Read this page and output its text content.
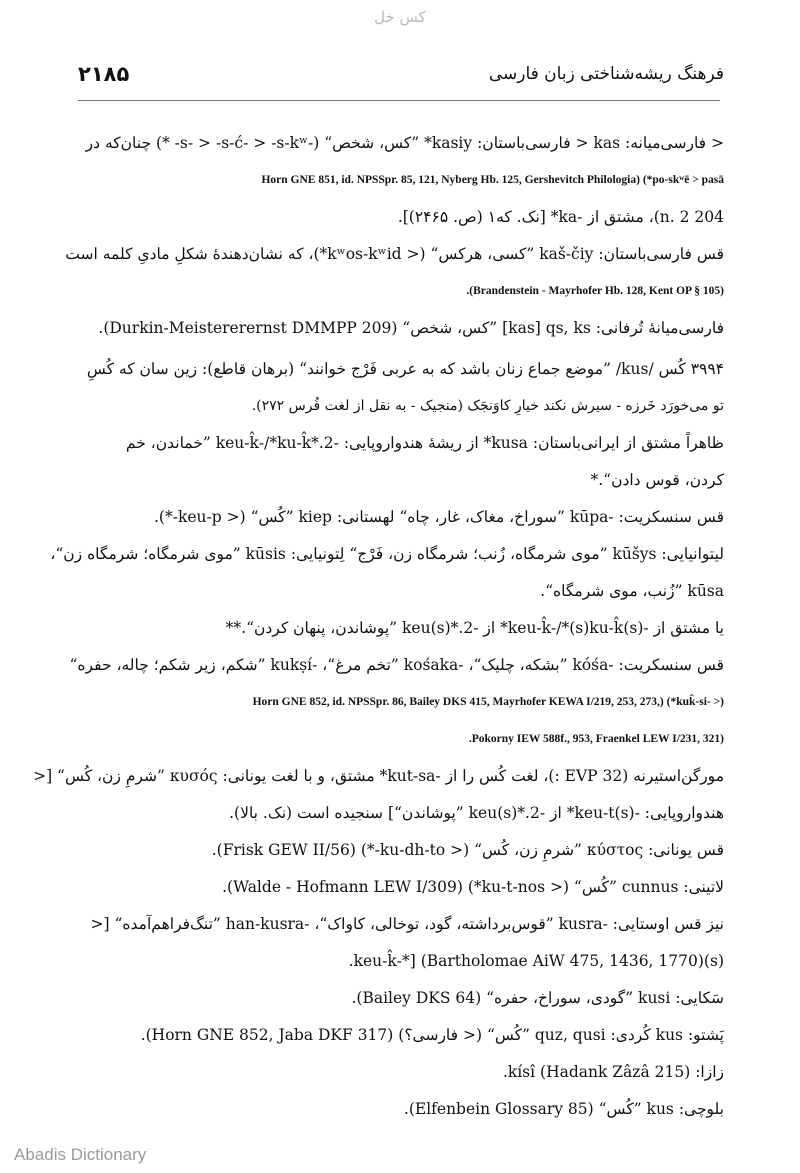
کس خل
۲۱۸۵	فرهنگ ریشه‌شناختی زبان فارسی
< فارسی‌میانه: kas < فارسی‌باستان: kasiy* ”کس، شخص“ (-s- > -s-ć- > -s-kʷ- *) چنان‌که در
Horn GNE 851, id. NPSSpr. 85, 121, Nyberg Hb. 125, Gershevitch Philologia) (*po-skʷē > pasā
204 n. 2)، مشتق از -ka* [نک. که۱ (ص. ۲۴۶۵)].
قس فارسی‌باستان: kaš-čiy ”کسی، هرکس“ (< kʷos-kʷid*)، که نشان‌دهندهٔ شکلِ مادیِ کلمه است
(Brandenstein - Mayrhofer Hb. 128, Kent OP § 105).
فارسی‌میانهٔ تُرفانی: kas] qs, ks] ”کس، شخص“ (Durkin-Meistererernst DMMPP 209).
۳۹۹۴ کُس /kus/ ”موضع جماع زنان باشد که به عربی فَرْج خوانند“ (برهان قاطع): زین سان که کُسِ
تو می‌خورَد خَرزه - سیرش نکند خیارِ کاوَنجَک (منجیک - به نقل از لغت فُرس ۲۷۲).
ظاهراً مشتق از ایرانی‌باستان: kusa* از ریشهٔ هندواروپایی: -2.*keu-k̂-/*ku-k̂ ”خماندن، خم
کردن، قوس دادن“.*
قس سنسکریت: -kūpa ”سوراخ، مغاک، غار، چاه“ لهستانی: kiep ”کُس“ (< keu-p-*).
لیتوانیایی: kūšys ”موی شرمگاه، زُنب؛ شرمگاه زن، فَرْج“ لِتونیایی: kūsis ”موی شرمگاه؛ شرمگاه زن“،
kūsa ”زُنب، موی شرمگاه“.
یا مشتق از -(s)keu-k̂-/*(s)ku-k̂* از -2.*(s)keu ”پوشاندن، پنهان کردن“.**
قس سنسکریت: -kóśa ”بشکه، چلیک“، -kośaka ”تخم مرغ“، -kukṣí ”شکم، زیر شکم؛ چاله، حفره“
Horn GNE 852, id. NPSSpr. 86, Bailey DKS 415, Mayrhofer KEWA I/219, 253, 273,) (*kuk̂-si- >)
(Pokorny IEW 588f., 953, Fraenkel LEW I/231, 321.
مورگن‌استیرنه (EVP 32 :)، لغت کُس را از -kut-sa* مشتق، و با لغت یونانی: κυσός ”شرمِ زن، کُس“ [<
هندواروپایی: -(s)keu-t* از -2.*(s)keu ”پوشاندن“] سنجیده است (نک. بالا).
قس یونانی: κύστος ”شرمِ زن، کُس“ (< ku-dh-to-*) (Frisk GEW II/56).
لاتینی: cunnus ”کُس“ (< ku-t-nos*) (Walde - Hofmann LEW I/309).
نیز قس اوستایی: -kusra ”قوس‌برداشته، گود، توخالی، کاواک“، -han-kusra ”تنگ‌فراهم‌آمده“ [<
(s)keu-k̂-*] (Bartholomae AiW 475, 1436, 1770).
سَکایی: kusi ”گودی، سوراخ، حفره“ (Bailey DKS 64).
پَشتو: kus کُردی: quz, qusi ”کُس“ (< فارسی؟) (Horn GNE 852, Jaba DKF 317).
زازا: kísî (Hadank Zâzâ 215).
بلوچی: kus ”کُس“ (Elfenbein Glossary 85).
Abadis Dictionary
